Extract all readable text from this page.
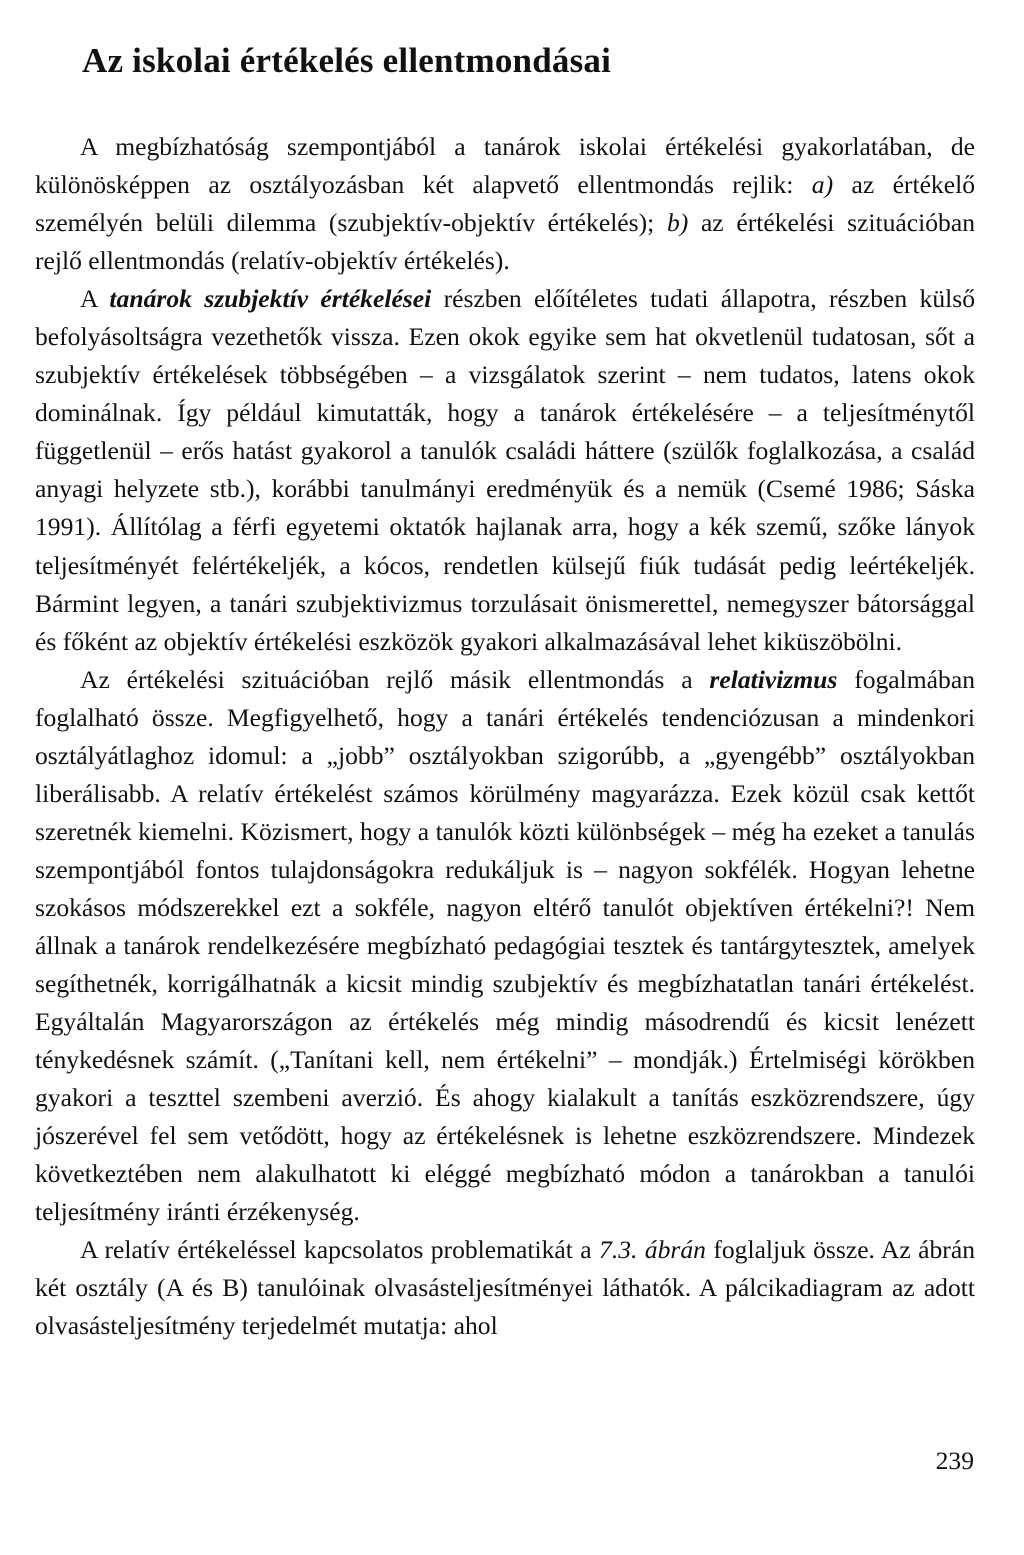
Az iskolai értékelés ellentmondásai

A megbízhatóság szempontjából a tanárok iskolai értékelési gyakorlatában, de különösképpen az osztályozásban két alapvető ellentmondás rejlik: a) az értékelő személyén belüli dilemma (szubjektív-objektív értékelés); b) az értékelési szituációban rejlő ellentmondás (relatív-objektív értékelés).

A tanárok szubjektív értékelései részben előítéletes tudati állapotra, részben külső befolyásoltságra vezethetők vissza. Ezen okok egyike sem hat okvetlenül tudatosan, sőt a szubjektív értékelések többségében – a vizsgálatok szerint – nem tudatos, latens okok dominálnak. Így például kimutatták, hogy a tanárok értékelésére – a teljesítménytől függetlenül – erős hatást gyakorol a tanulók családi háttere (szülők foglalkozása, a család anyagi helyzete stb.), korábbi tanulmányi eredményük és a nemük (Csemé 1986; Sáska 1991). Állítólag a férfi egyetemi oktatók hajlanak arra, hogy a kék szemű, szőke lányok teljesítményét felértékeljék, a kócos, rendetlen külsejű fiúk tudását pedig leértékeljék. Bármint legyen, a tanári szubjektivizmus torzulásait önismerettel, nemegyszer bátorsággal és főként az objektív értékelési eszközök gyakori alkalmazásával lehet kiküszöbölni.

Az értékelési szituációban rejlő másik ellentmondás a relativizmus fogalmában foglalható össze. Megfigyelhető, hogy a tanári értékelés tendenciózusan a mindenkori osztályátlaghoz idomul: a „jobb” osztályokban szigorúbb, a „gyengébb” osztályokban liberálisabb. A relatív értékelést számos körülmény magyarázza. Ezek közül csak kettőt szeretnék kiemelni. Közismert, hogy a tanulók közti különbségek – még ha ezeket a tanulás szempontjából fontos tulajdonságokra redukáljuk is – nagyon sokfélék. Hogyan lehetne szokásos módszerekkel ezt a sokféle, nagyon eltérő tanulót objektíven értékelni?! Nem állnak a tanárok rendelkezésére megbízható pedagógiai tesztek és tantárgytesztek, amelyek segíthetnék, korrigálhatnák a kicsit mindig szubjektív és megbízhatatlan tanári értékelést. Egyáltalán Magyarországon az értékelés még mindig másodrendű és kicsit lenézett ténykedésnek számít. („Tanítani kell, nem értékelni” – mondják.) Értelmiségi körökben gyakori a teszttel szembeni averzió. És ahogy kialakult a tanítás eszközrendszere, úgy jószerével fel sem vetődött, hogy az értékelésnek is lehetne eszközrendszere. Mindezek következtében nem alakulhatott ki eléggé megbízható módon a tanárokban a tanulói teljesítmény iránti érzékenység.

A relatív értékeléssel kapcsolatos problematikát a 7.3. ábrán foglaljuk össze. Az ábrán két osztály (A és B) tanulóinak olvasásteljesítményei láthatók. A pálcikadiagram az adott olvasásteljesítmény terjedelmét mutatja: ahol

239
